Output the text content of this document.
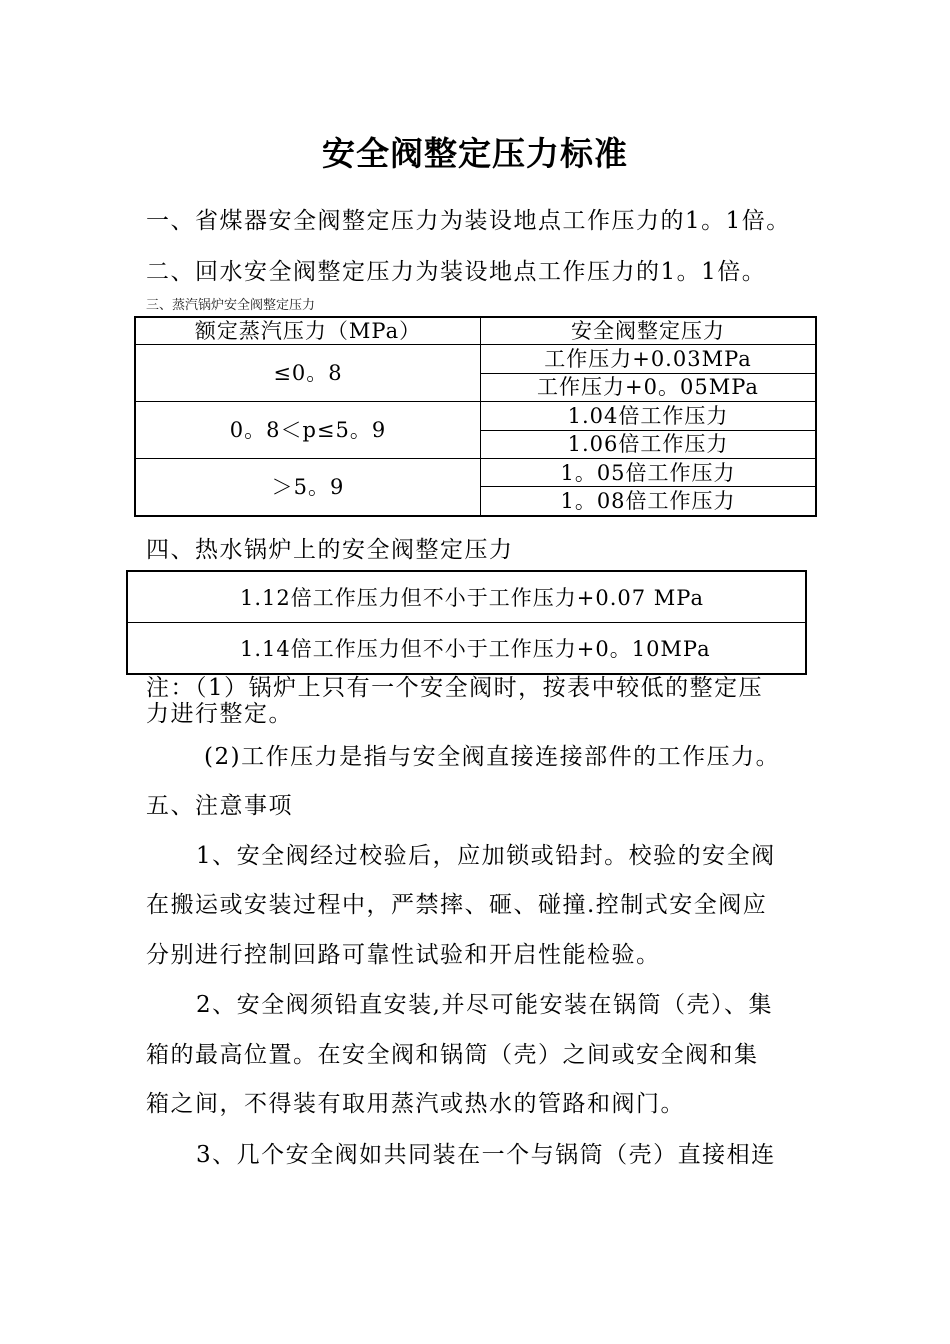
安全阀整定压力标准
一、省煤器安全阀整定压力为装设地点工作压力的1。1倍。
二、回水安全阀整定压力为装设地点工作压力的1。1倍。
三、蒸汽锅炉安全阀整定压力
额定蒸汽压力（MPa）	安全阀整定压力
≤0。8	工作压力+0.03MPa
	工作压力+0。05MPa
0。8＜p≤5。9	1.04倍工作压力
	1.06倍工作压力
＞5。9	1。05倍工作压力
	1。08倍工作压力
四、热水锅炉上的安全阀整定压力
1.12倍工作压力但不小于工作压力+0.07 MPa
1.14倍工作压力但不小于工作压力+0。10MPa
注：（1）锅炉上只有一个安全阀时，按表中较低的整定压
力进行整定。
(2)工作压力是指与安全阀直接连接部件的工作压力。
五、注意事项
1、安全阀经过校验后，应加锁或铅封。校验的安全阀
在搬运或安装过程中，严禁摔、砸、碰撞.控制式安全阀应
分别进行控制回路可靠性试验和开启性能检验。
2、安全阀须铅直安装,并尽可能安装在锅筒（壳）、集
箱的最高位置。在安全阀和锅筒（壳）之间或安全阀和集
箱之间，不得装有取用蒸汽或热水的管路和阀门。
3、几个安全阀如共同装在一个与锅筒（壳）直接相连
